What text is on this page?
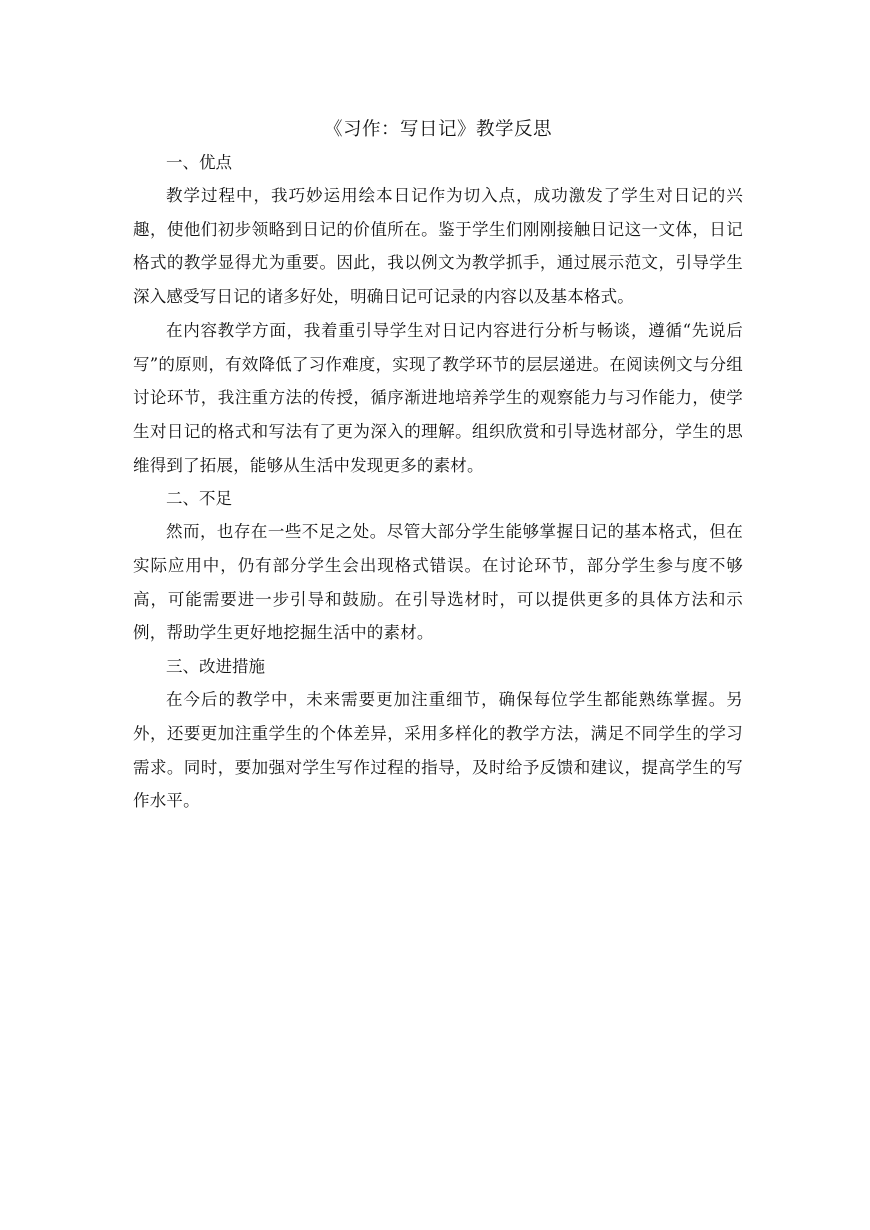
《习作：写日记》教学反思
一、优点

教学过程中，我巧妙运用绘本日记作为切入点，成功激发了学生对日记的兴趣，使他们初步领略到日记的价值所在。鉴于学生们刚刚接触日记这一文体，日记格式的教学显得尤为重要。因此，我以例文为教学抓手，通过展示范文，引导学生深入感受写日记的诸多好处，明确日记可记录的内容以及基本格式。

在内容教学方面，我着重引导学生对日记内容进行分析与畅谈，遵循“先说后写”的原则，有效降低了习作难度，实现了教学环节的层层递进。在阅读例文与分组讨论环节，我注重方法的传授，循序渐进地培养学生的观察能力与习作能力，使学生对日记的格式和写法有了更为深入的理解。组织欣赏和引导选材部分，学生的思维得到了拓展，能够从生活中发现更多的素材。

二、不足

然而，也存在一些不足之处。尽管大部分学生能够掌握日记的基本格式，但在实际应用中，仍有部分学生会出现格式错误。在讨论环节，部分学生参与度不够高，可能需要进一步引导和鼓励。在引导选材时，可以提供更多的具体方法和示例，帮助学生更好地挖掘生活中的素材。

三、改进措施

在今后的教学中，未来需要更加注重细节，确保每位学生都能熟练掌握。另外，还要更加注重学生的个体差异，采用多样化的教学方法，满足不同学生的学习需求。同时，要加强对学生写作过程的指导，及时给予反馈和建议，提高学生的写作水平。
